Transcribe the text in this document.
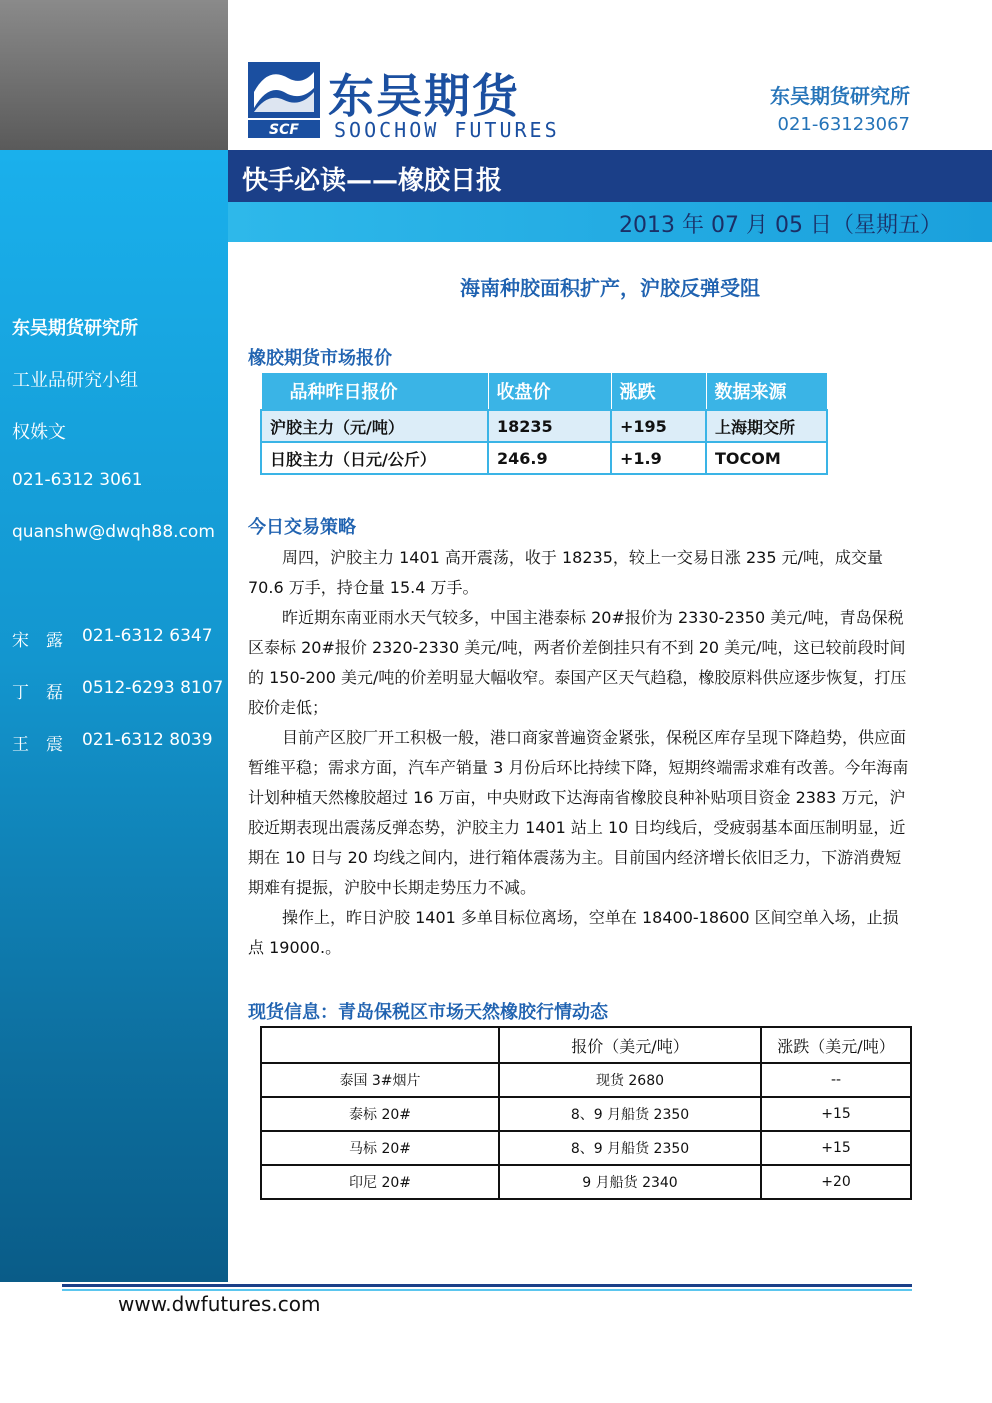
SCF
东吴期货
SOOCHOW FUTURES
东吴期货研究所
021-63123067
快手必读——橡胶日报
2013 年 07 月 05 日（星期五）
东吴期货研究所
工业品研究小组
权姝文
021-6312 3061
quanshw@dwqh88.com
宋　露 021-6312 6347
丁　磊 0512-6293 8107
王　震 021-6312 8039
海南种胶面积扩产，沪胶反弹受阻
橡胶期货市场报价
品种昨日报价	收盘价	涨跌	数据来源
沪胶主力（元/吨）	18235	+195	上海期交所
日胶主力（日元/公斤）	246.9	+1.9	TOCOM
今日交易策略
周四，沪胶主力 1401 高开震荡，收于 18235，较上一交易日涨 235 元/吨，成交量 70.6 万手，持仓量 15.4 万手。
昨近期东南亚雨水天气较多，中国主港泰标 20#报价为 2330-2350 美元/吨，青岛保税区泰标 20#报价 2320-2330 美元/吨，两者价差倒挂只有不到 20 美元/吨，这已较前段时间的 150-200 美元/吨的价差明显大幅收窄。泰国产区天气趋稳，橡胶原料供应逐步恢复，打压胶价走低；
目前产区胶厂开工积极一般，港口商家普遍资金紧张，保税区库存呈现下降趋势，供应面暂维平稳；需求方面，汽车产销量 3 月份后环比持续下降，短期终端需求难有改善。今年海南计划种植天然橡胶超过 16 万亩，中央财政下达海南省橡胶良种补贴项目资金 2383 万元，沪胶近期表现出震荡反弹态势，沪胶主力 1401 站上 10 日均线后，受疲弱基本面压制明显，近期在 10 日与 20 均线之间内，进行箱体震荡为主。目前国内经济增长依旧乏力，下游消费短期难有提振，沪胶中长期走势压力不减。
操作上，昨日沪胶 1401 多单目标位离场，空单在 18400-18600 区间空单入场，止损点 19000.。
现货信息：青岛保税区市场天然橡胶行情动态
	报价（美元/吨）	涨跌（美元/吨）
泰国 3#烟片	现货 2680	--
泰标 20#	8、9 月船货 2350	+15
马标 20#	8、9 月船货 2350	+15
印尼 20#	9 月船货 2340	+20
www.dwfutures.com
